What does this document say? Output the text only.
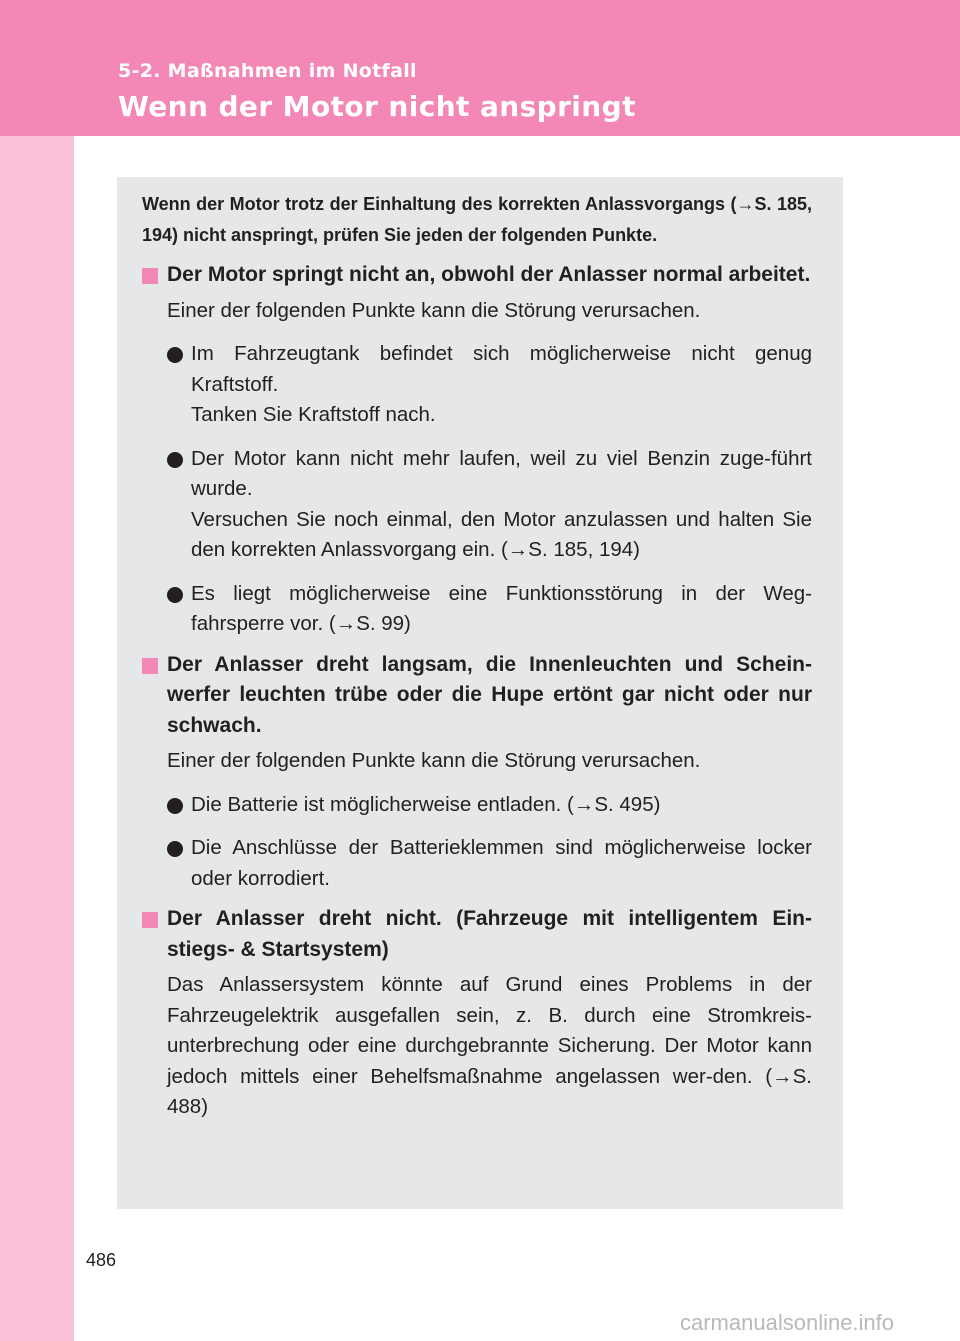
5-2. Maßnahmen im Notfall
Wenn der Motor nicht anspringt

Wenn der Motor trotz der Einhaltung des korrekten Anlassvorgangs (→S. 185, 194) nicht anspringt, prüfen Sie jeden der folgenden Punkte.

Der Motor springt nicht an, obwohl der Anlasser normal arbeitet.

Einer der folgenden Punkte kann die Störung verursachen.

Im Fahrzeugtank befindet sich möglicherweise nicht genug Kraftstoff.
Tanken Sie Kraftstoff nach.
Der Motor kann nicht mehr laufen, weil zu viel Benzin zuge-führt wurde.
Versuchen Sie noch einmal, den Motor anzulassen und halten Sie den korrekten Anlassvorgang ein. (→S. 185, 194)
Es liegt möglicherweise eine Funktionsstörung in der Weg-fahrsperre vor. (→S. 99)
Der Anlasser dreht langsam, die Innenleuchten und Schein-werfer leuchten trübe oder die Hupe ertönt gar nicht oder nur schwach.

Einer der folgenden Punkte kann die Störung verursachen.

Die Batterie ist möglicherweise entladen. (→S. 495)
Die Anschlüsse der Batterieklemmen sind möglicherweise locker oder korrodiert.
Der Anlasser dreht nicht. (Fahrzeuge mit intelligentem Ein-stiegs- & Startsystem)

Das Anlassersystem könnte auf Grund eines Problems in der Fahrzeugelektrik ausgefallen sein, z. B. durch eine Stromkreis-unterbrechung oder eine durchgebrannte Sicherung. Der Motor kann jedoch mittels einer Behelfsmaßnahme angelassen wer-den. (→S. 488)

486
carmanualsonline.info
